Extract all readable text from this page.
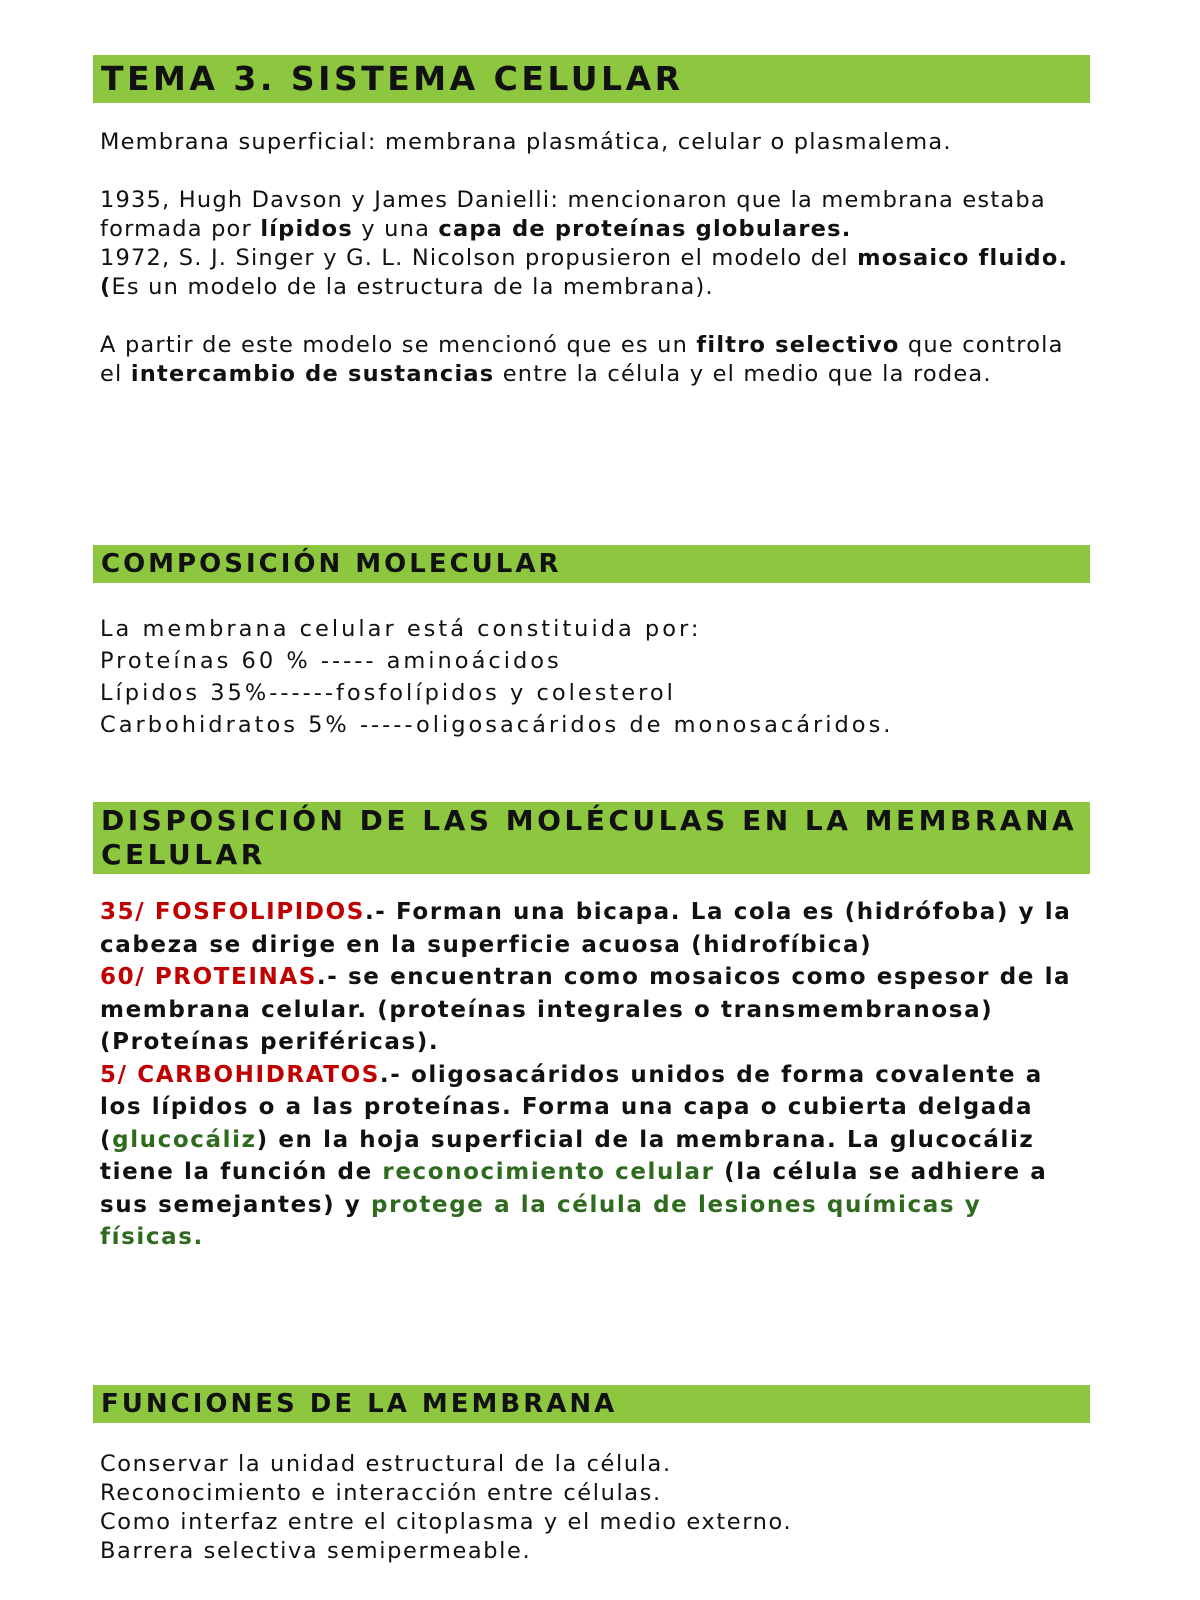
TEMA 3. SISTEMA CELULAR

Membrana superficial: membrana plasmática, celular o plasmalema.

1935, Hugh Davson y James Danielli: mencionaron que la membrana estaba formada por lípidos y una capa de proteínas globulares.

1972, S. J. Singer y G. L. Nicolson propusieron el modelo del mosaico fluido. (Es un modelo de la estructura de la membrana).

A partir de este modelo se mencionó que es un filtro selectivo que controla el intercambio de sustancias entre la célula y el medio que la rodea.

COMPOSICIÓN MOLECULAR

La membrana celular está constituida por:

Proteínas 60 % ----- aminoácidos

Lípidos 35%------fosfolípidos y colesterol

Carbohidratos 5% -----oligosacáridos de monosacáridos.

DISPOSICIÓN DE LAS MOLÉCULAS EN LA MEMBRANA CELULAR

35/ FOSFOLIPIDOS.- Forman una bicapa. La cola es (hidrófoba) y la cabeza se dirige en la superficie acuosa (hidrofíbica)

60/ PROTEINAS.- se encuentran como mosaicos como espesor de la membrana celular. (proteínas integrales o transmembranosa) (Proteínas periféricas).

5/ CARBOHIDRATOS.- oligosacáridos unidos de forma covalente a los lípidos o a las proteínas. Forma una capa o cubierta delgada (glucocáliz) en la hoja superficial de la membrana. La glucocáliz tiene la función de reconocimiento celular (la célula se adhiere a sus semejantes) y protege a la célula de lesiones químicas y físicas.

FUNCIONES DE LA MEMBRANA

Conservar la unidad estructural de la célula.

Reconocimiento e interacción entre células.

Como interfaz entre el citoplasma y el medio externo.

Barrera selectiva semipermeable.
